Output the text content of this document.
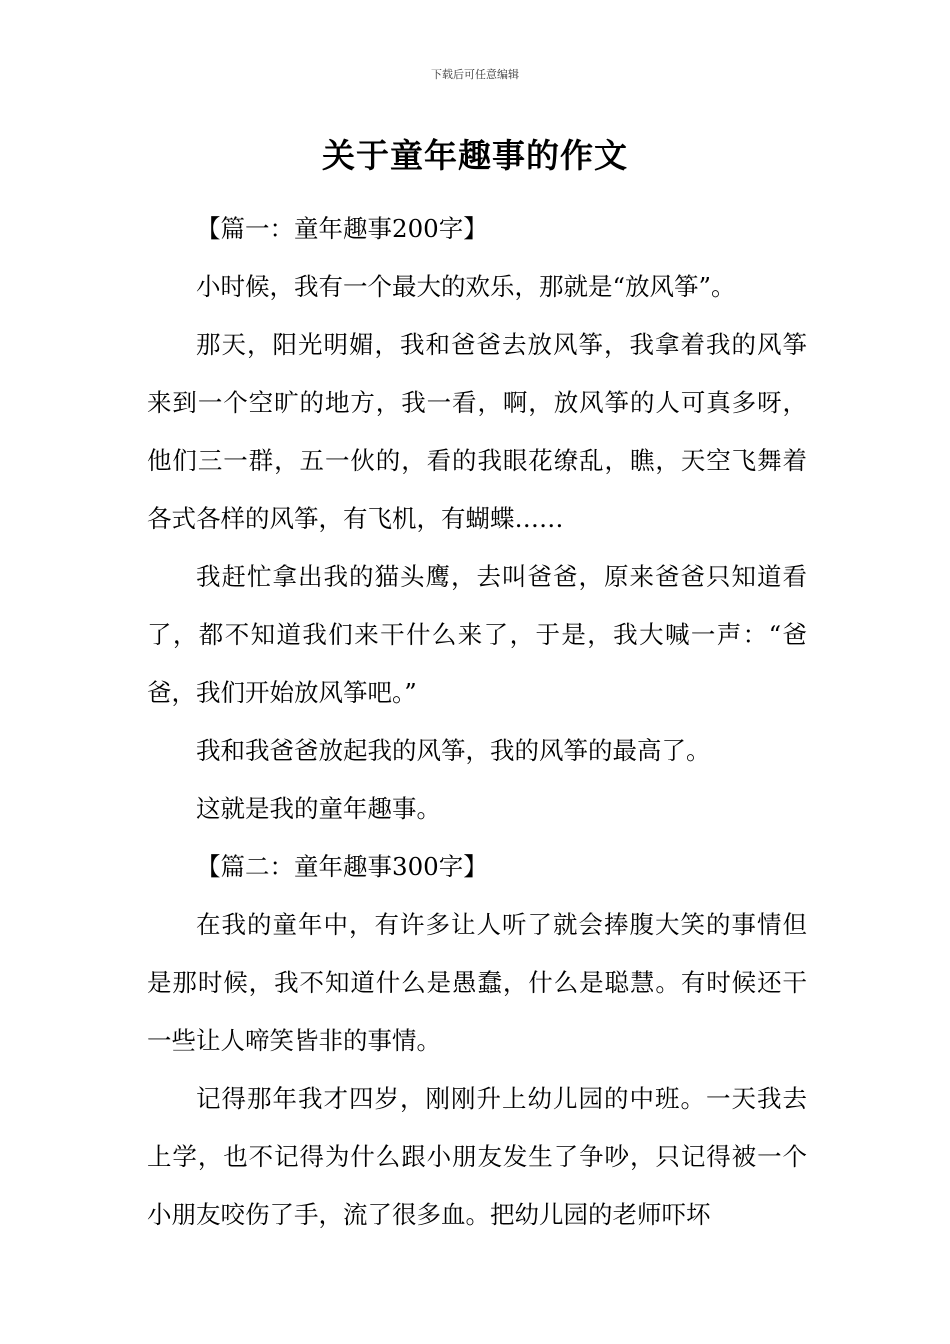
下载后可任意编辑
关于童年趣事的作文

【篇一：童年趣事200字】

小时候，我有一个最大的欢乐，那就是“放风筝”。

那天，阳光明媚，我和爸爸去放风筝，我拿着我的风筝来到一个空旷的地方，我一看，啊，放风筝的人可真多呀，他们三一群，五一伙的，看的我眼花缭乱，瞧，天空飞舞着各式各样的风筝，有飞机，有蝴蝶……

我赶忙拿出我的猫头鹰，去叫爸爸，原来爸爸只知道看了，都不知道我们来干什么来了，于是，我大喊一声：“爸爸，我们开始放风筝吧。”

我和我爸爸放起我的风筝，我的风筝的最高了。

这就是我的童年趣事。

【篇二：童年趣事300字】

在我的童年中，有许多让人听了就会捧腹大笑的事情但是那时候，我不知道什么是愚蠢，什么是聪慧。有时候还干一些让人啼笑皆非的事情。

记得那年我才四岁，刚刚升上幼儿园的中班。一天我去上学，也不记得为什么跟小朋友发生了争吵，只记得被一个小朋友咬伤了手，流了很多血。把幼儿园的老师吓坏
